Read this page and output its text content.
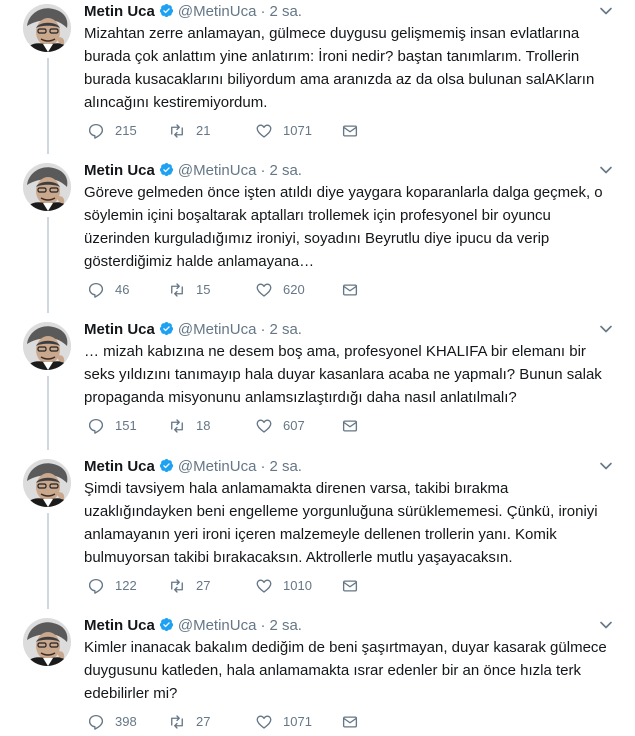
Metin Uca @MetinUca · 2 sa.
Mizahtan zerre anlamayan, gülmece duygusu gelişmemiş insan evlatlarına burada çok anlattım yine anlatırım: İroni nedir? baştan tanımlarım. Trollerin burada kusacaklarını biliyordum ama aranızda az da olsa bulunan salAKların alıncağını kestiremiyordum.
215	21	1071
Metin Uca @MetinUca · 2 sa.
Göreve gelmeden önce işten atıldı diye yaygara koparanlarla dalga geçmek, o söylemin içini boşaltarak aptalları trollemek için profesyonel bir oyuncu üzerinden kurguladığımız ironiyi, soyadını Beyrutlu diye ipucu da verip gösterdiğimiz halde anlamayana…
46	15	620
Metin Uca @MetinUca · 2 sa.
… mizah kabızına ne desem boş ama, profesyonel KHALIFA bir elemanı bir seks yıldızını tanımayıp hala duyar kasanlara acaba ne yapmalı? Bunun salak propaganda misyonunu anlamsızlaştırdığı daha nasıl anlatılmalı?
151	18	607
Metin Uca @MetinUca · 2 sa.
Şimdi tavsiyem hala anlamamakta direnen varsa, takibi bırakma uzaklığındayken beni engelleme yorgunluğuna sürüklememesi. Çünkü, ironiyi anlamayanın yeri ironi içeren malzemeyle dellenen trollerin yanı. Komik bulmuyorsan takibi bırakacaksın. Aktrollerle mutlu yaşayacaksın.
122	27	1010
Metin Uca @MetinUca · 2 sa.
Kimler inanacak bakalım dediğim de beni şaşırtmayan, duyar kasarak gülmece duygusunu katleden, hala anlamamakta ısrar edenler bir an önce hızla terk edebilirler mi?
398	27	1071
